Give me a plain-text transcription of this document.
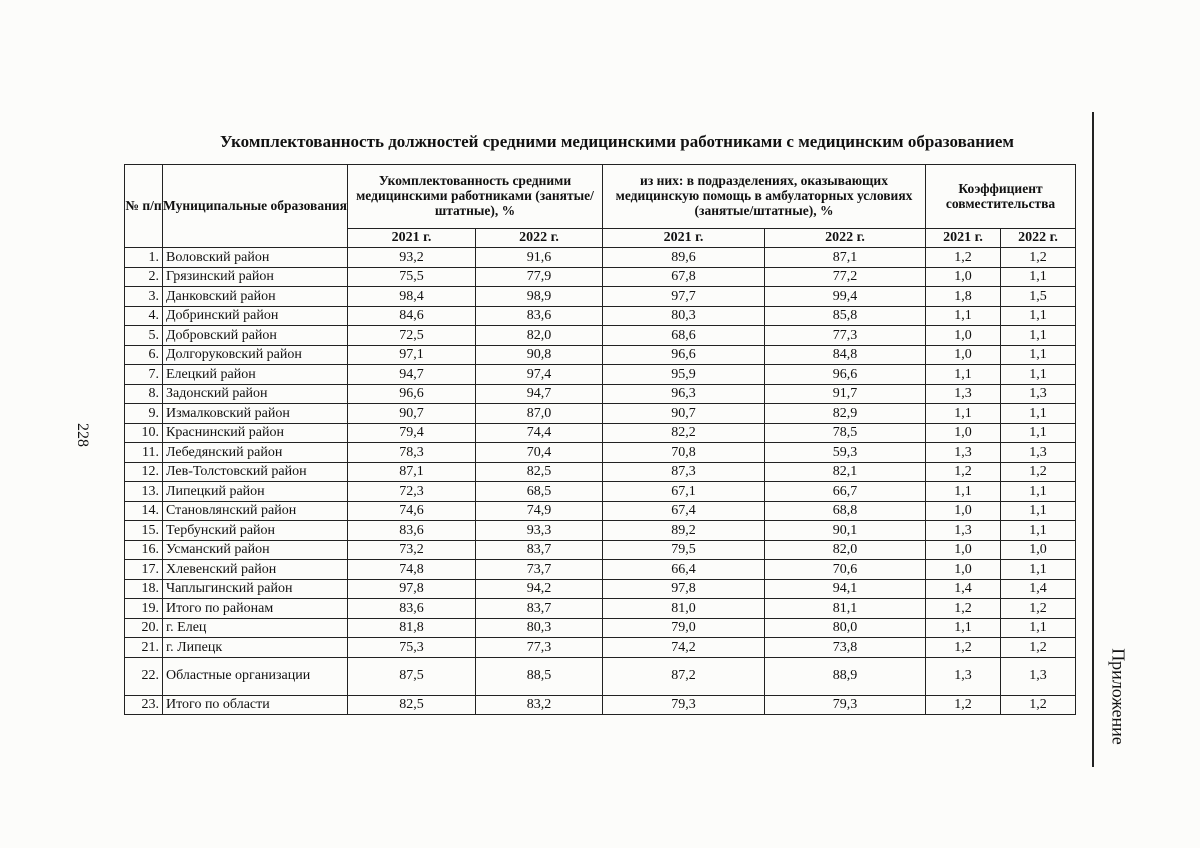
Укомплектованность должностей средними медицинскими работниками с медицинским образованием
228
Приложение
№ п/п	Муниципальные образования	Укомплектованность средними медицинскими работниками (занятые/штатные), %		из них: в подразделениях, оказывающих медицинскую помощь в амбулаторных условиях (занятые/штатные), %		Коэффициент совместительства	
		2021 г.	2022 г.	2021 г.	2022 г.	2021 г.	2022 г.
1.	Воловский район	93,2	91,6	89,6	87,1	1,2	1,2
2.	Грязинский район	75,5	77,9	67,8	77,2	1,0	1,1
3.	Данковский район	98,4	98,9	97,7	99,4	1,8	1,5
4.	Добринский район	84,6	83,6	80,3	85,8	1,1	1,1
5.	Добровский район	72,5	82,0	68,6	77,3	1,0	1,1
6.	Долгоруковский район	97,1	90,8	96,6	84,8	1,0	1,1
7.	Елецкий район	94,7	97,4	95,9	96,6	1,1	1,1
8.	Задонский район	96,6	94,7	96,3	91,7	1,3	1,3
9.	Измалковский район	90,7	87,0	90,7	82,9	1,1	1,1
10.	Краснинский район	79,4	74,4	82,2	78,5	1,0	1,1
11.	Лебедянский район	78,3	70,4	70,8	59,3	1,3	1,3
12.	Лев-Толстовский район	87,1	82,5	87,3	82,1	1,2	1,2
13.	Липецкий район	72,3	68,5	67,1	66,7	1,1	1,1
14.	Становлянский район	74,6	74,9	67,4	68,8	1,0	1,1
15.	Тербунский район	83,6	93,3	89,2	90,1	1,3	1,1
16.	Усманский район	73,2	83,7	79,5	82,0	1,0	1,0
17.	Хлевенский район	74,8	73,7	66,4	70,6	1,0	1,1
18.	Чаплыгинский район	97,8	94,2	97,8	94,1	1,4	1,4
19.	Итого по районам	83,6	83,7	81,0	81,1	1,2	1,2
20.	г. Елец	81,8	80,3	79,0	80,0	1,1	1,1
21.	г. Липецк	75,3	77,3	74,2	73,8	1,2	1,2
22.	Областные организации	87,5	88,5	87,2	88,9	1,3	1,3
23.	Итого по области	82,5	83,2	79,3	79,3	1,2	1,2
